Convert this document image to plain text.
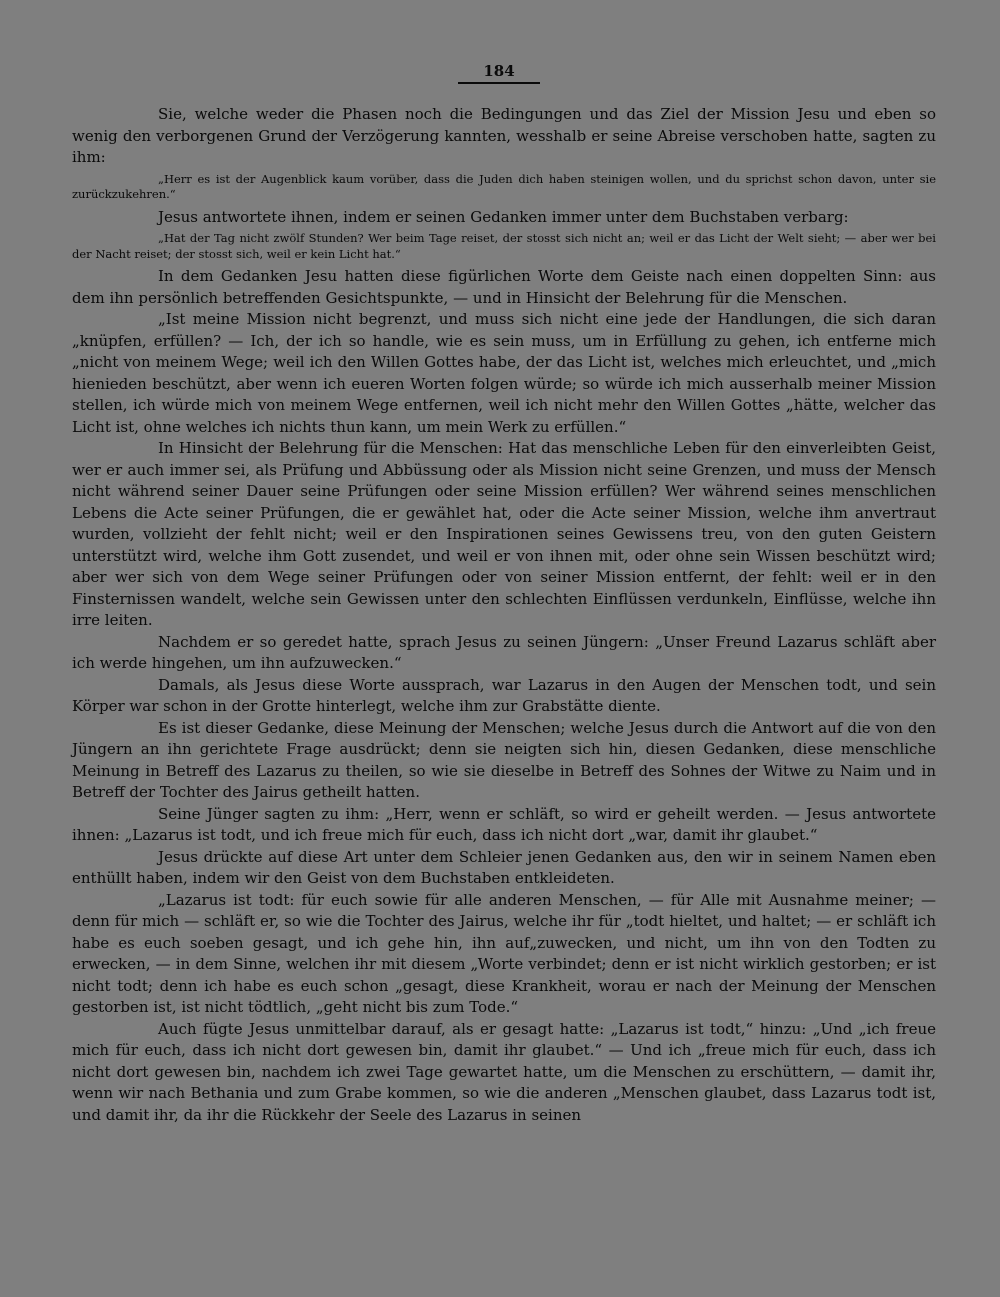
184

Sie, welche weder die Phasen noch die Bedingungen und das Ziel der Mission Jesu und eben so wenig den verborgenen Grund der Verzögerung kannten, wesshalb er seine Abreise verschoben hatte, sagten zu ihm:

„Herr es ist der Augenblick kaum vorüber, dass die Juden dich haben steinigen wollen, und du sprichst schon davon, unter sie zurückzukehren.“

Jesus antwortete ihnen, indem er seinen Gedanken immer unter dem Buchstaben verbarg:

„Hat der Tag nicht zwölf Stunden? Wer beim Tage reiset, der stosst sich nicht an; weil er das Licht der Welt sieht; — aber wer bei der Nacht reiset; der stosst sich, weil er kein Licht hat.“

In dem Gedanken Jesu hatten diese figürlichen Worte dem Geiste nach einen doppelten Sinn: aus dem ihn persönlich betreffenden Gesichtspunkte, — und in Hinsicht der Belehrung für die Menschen.

„Ist meine Mission nicht begrenzt, und muss sich nicht eine jede der Handlungen, die sich daran „knüpfen, erfüllen? — Ich, der ich so handle, wie es sein muss, um in Erfüllung zu gehen, ich entferne mich „nicht von meinem Wege; weil ich den Willen Gottes habe, der das Licht ist, welches mich erleuchtet, und „mich hienieden beschützt, aber wenn ich eueren Worten folgen würde; so würde ich mich ausserhalb meiner Mission stellen, ich würde mich von meinem Wege entfernen, weil ich nicht mehr den Willen Gottes „hätte, welcher das Licht ist, ohne welches ich nichts thun kann, um mein Werk zu erfüllen.“

In Hinsicht der Belehrung für die Menschen: Hat das menschliche Leben für den einverleibten Geist, wer er auch immer sei, als Prüfung und Abbüssung oder als Mission nicht seine Grenzen, und muss der Mensch nicht während seiner Dauer seine Prüfungen oder seine Mission erfüllen? Wer während seines menschlichen Lebens die Acte seiner Prüfungen, die er gewählet hat, oder die Acte seiner Mission, welche ihm anvertraut wurden, vollzieht der fehlt nicht; weil er den Inspirationen seines Gewissens treu, von den guten Geistern unterstützt wird, welche ihm Gott zusendet, und weil er von ihnen mit, oder ohne sein Wissen beschützt wird; aber wer sich von dem Wege seiner Prüfungen oder von seiner Mission entfernt, der fehlt: weil er in den Finsternissen wandelt, welche sein Gewissen unter den schlechten Einflüssen verdunkeln, Einflüsse, welche ihn irre leiten.

Nachdem er so geredet hatte, sprach Jesus zu seinen Jüngern: „Unser Freund Lazarus schläft aber ich werde hingehen, um ihn aufzuwecken.“

Damals, als Jesus diese Worte aussprach, war Lazarus in den Augen der Menschen todt, und sein Körper war schon in der Grotte hinterlegt, welche ihm zur Grabstätte diente.

Es ist dieser Gedanke, diese Meinung der Menschen; welche Jesus durch die Antwort auf die von den Jüngern an ihn gerichtete Frage ausdrückt; denn sie neigten sich hin, diesen Gedanken, diese menschliche Meinung in Betreff des Lazarus zu theilen, so wie sie dieselbe in Betreff des Sohnes der Witwe zu Naim und in Betreff der Tochter des Jairus getheilt hatten.

Seine Jünger sagten zu ihm: „Herr, wenn er schläft, so wird er geheilt werden. — Jesus antwortete ihnen: „Lazarus ist todt, und ich freue mich für euch, dass ich nicht dort „war, damit ihr glaubet.“

Jesus drückte auf diese Art unter dem Schleier jenen Gedanken aus, den wir in seinem Namen eben enthüllt haben, indem wir den Geist von dem Buchstaben entkleideten.

„Lazarus ist todt: für euch sowie für alle anderen Menschen, — für Alle mit Ausnahme meiner; — denn für mich — schläft er, so wie die Tochter des Jairus, welche ihr für „todt hieltet, und haltet; — er schläft ich habe es euch soeben gesagt, und ich gehe hin, ihn auf„zuwecken, und nicht, um ihn von den Todten zu erwecken, — in dem Sinne, welchen ihr mit diesem „Worte verbindet; denn er ist nicht wirklich gestorben; er ist nicht todt; denn ich habe es euch schon „gesagt, diese Krankheit, worau er nach der Meinung der Menschen gestorben ist, ist nicht tödtlich, „geht nicht bis zum Tode.“

Auch fügte Jesus unmittelbar darauf, als er gesagt hatte: „Lazarus ist todt,“ hinzu: „Und „ich freue mich für euch, dass ich nicht dort gewesen bin, damit ihr glaubet.“ — Und ich „freue mich für euch, dass ich nicht dort gewesen bin, nachdem ich zwei Tage gewartet hatte, um die Menschen zu erschüttern, — damit ihr, wenn wir nach Bethania und zum Grabe kommen, so wie die anderen „Menschen glaubet, dass Lazarus todt ist, und damit ihr, da ihr die Rückkehr der Seele des Lazarus in seinen
